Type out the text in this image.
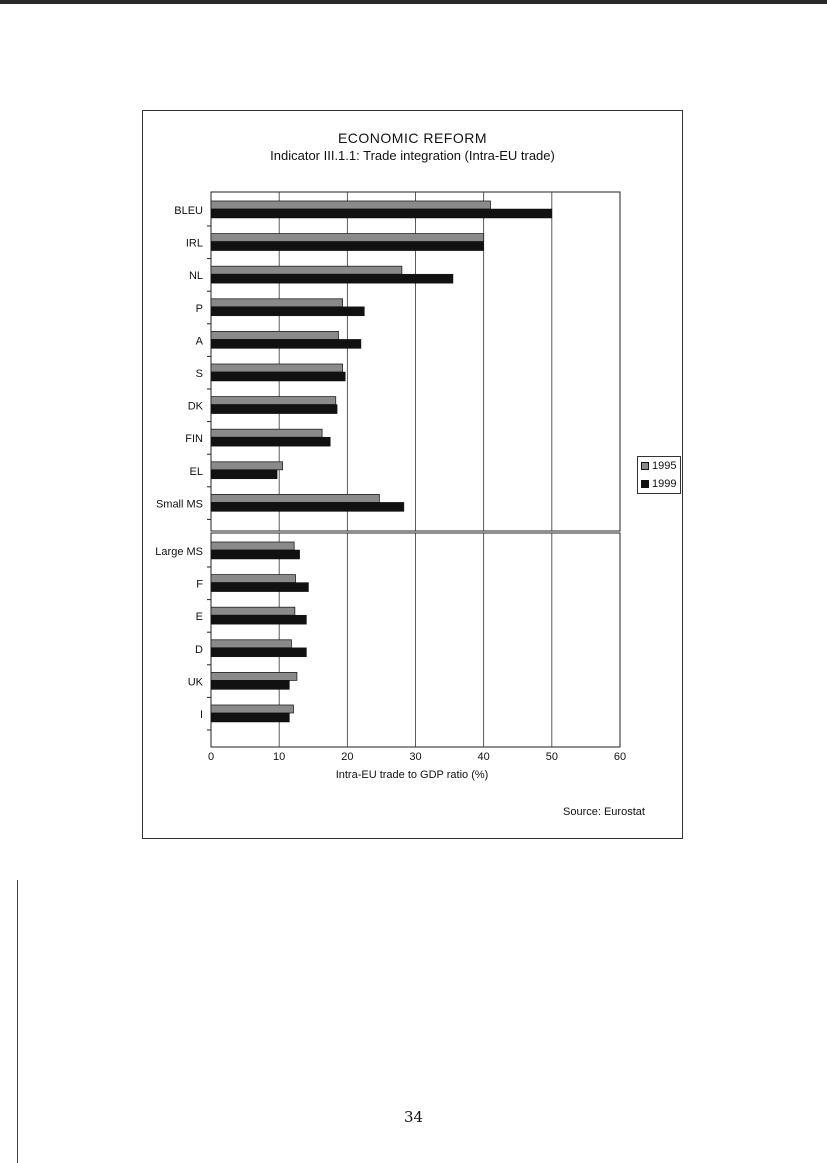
ECONOMIC REFORM
Indicator III.1.1: Trade integration (Intra-EU trade)
0	10	20	30	40	50	60
Intra-EU trade to GDP ratio (%)
BLEU
IRL
NL
P
A
S
DK
FIN
EL
Small MS
Large MS
F
E
D
UK
I
1995
1999
Source: Eurostat
34
